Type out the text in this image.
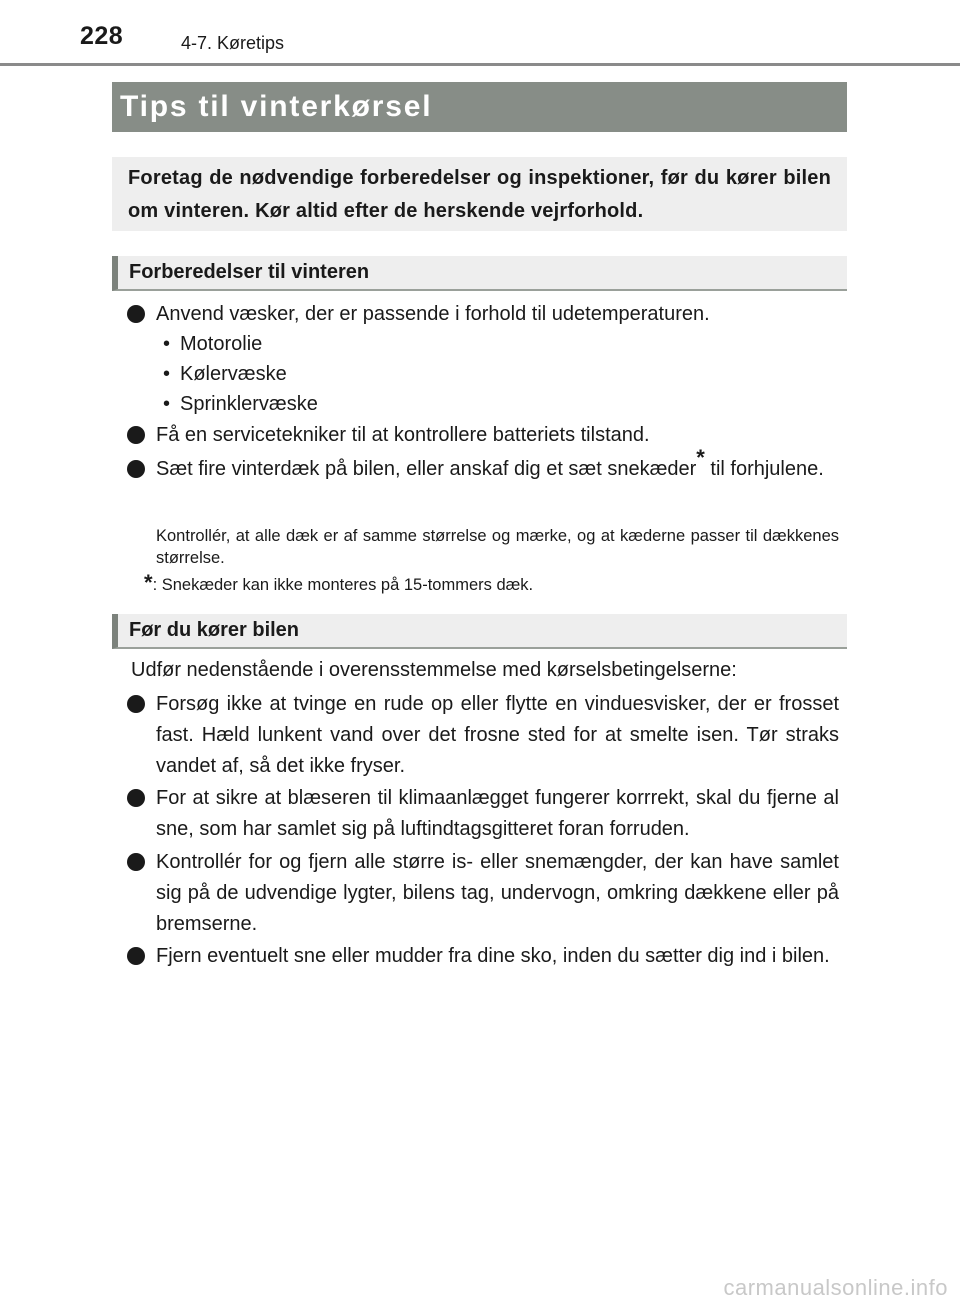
228	4-7. Køretips
Tips til vinterkørsel
Foretag de nødvendige forberedelser og inspektioner, før du kører bilen om vinteren. Kør altid efter de herskende vejrforhold.
Forberedelser til vinteren
Anvend væsker, der er passende i forhold til udetemperaturen.
• Motorolie
• Kølervæske
• Sprinklervæske
Få en servicetekniker til at kontrollere batteriets tilstand.
Sæt fire vinterdæk på bilen, eller anskaf dig et sæt snekæder* til forhjulene.
Kontrollér, at alle dæk er af samme størrelse og mærke, og at kæderne passer til dækkenes størrelse.
*: Snekæder kan ikke monteres på 15-tommers dæk.
Før du kører bilen
Udfør nedenstående i overensstemmelse med kørselsbetingelserne:
Forsøg ikke at tvinge en rude op eller flytte en vinduesvisker, der er frosset fast. Hæld lunkent vand over det frosne sted for at smelte isen. Tør straks vandet af, så det ikke fryser.
For at sikre at blæseren til klimaanlægget fungerer korrrekt, skal du fjerne al sne, som har samlet sig på luftindtagsgitteret foran forruden.
Kontrollér for og fjern alle større is- eller snemængder, der kan have samlet sig på de udvendige lygter, bilens tag, undervogn, omkring dækkene eller på bremserne.
Fjern eventuelt sne eller mudder fra dine sko, inden du sætter dig ind i bilen.
carmanualsonline.info
